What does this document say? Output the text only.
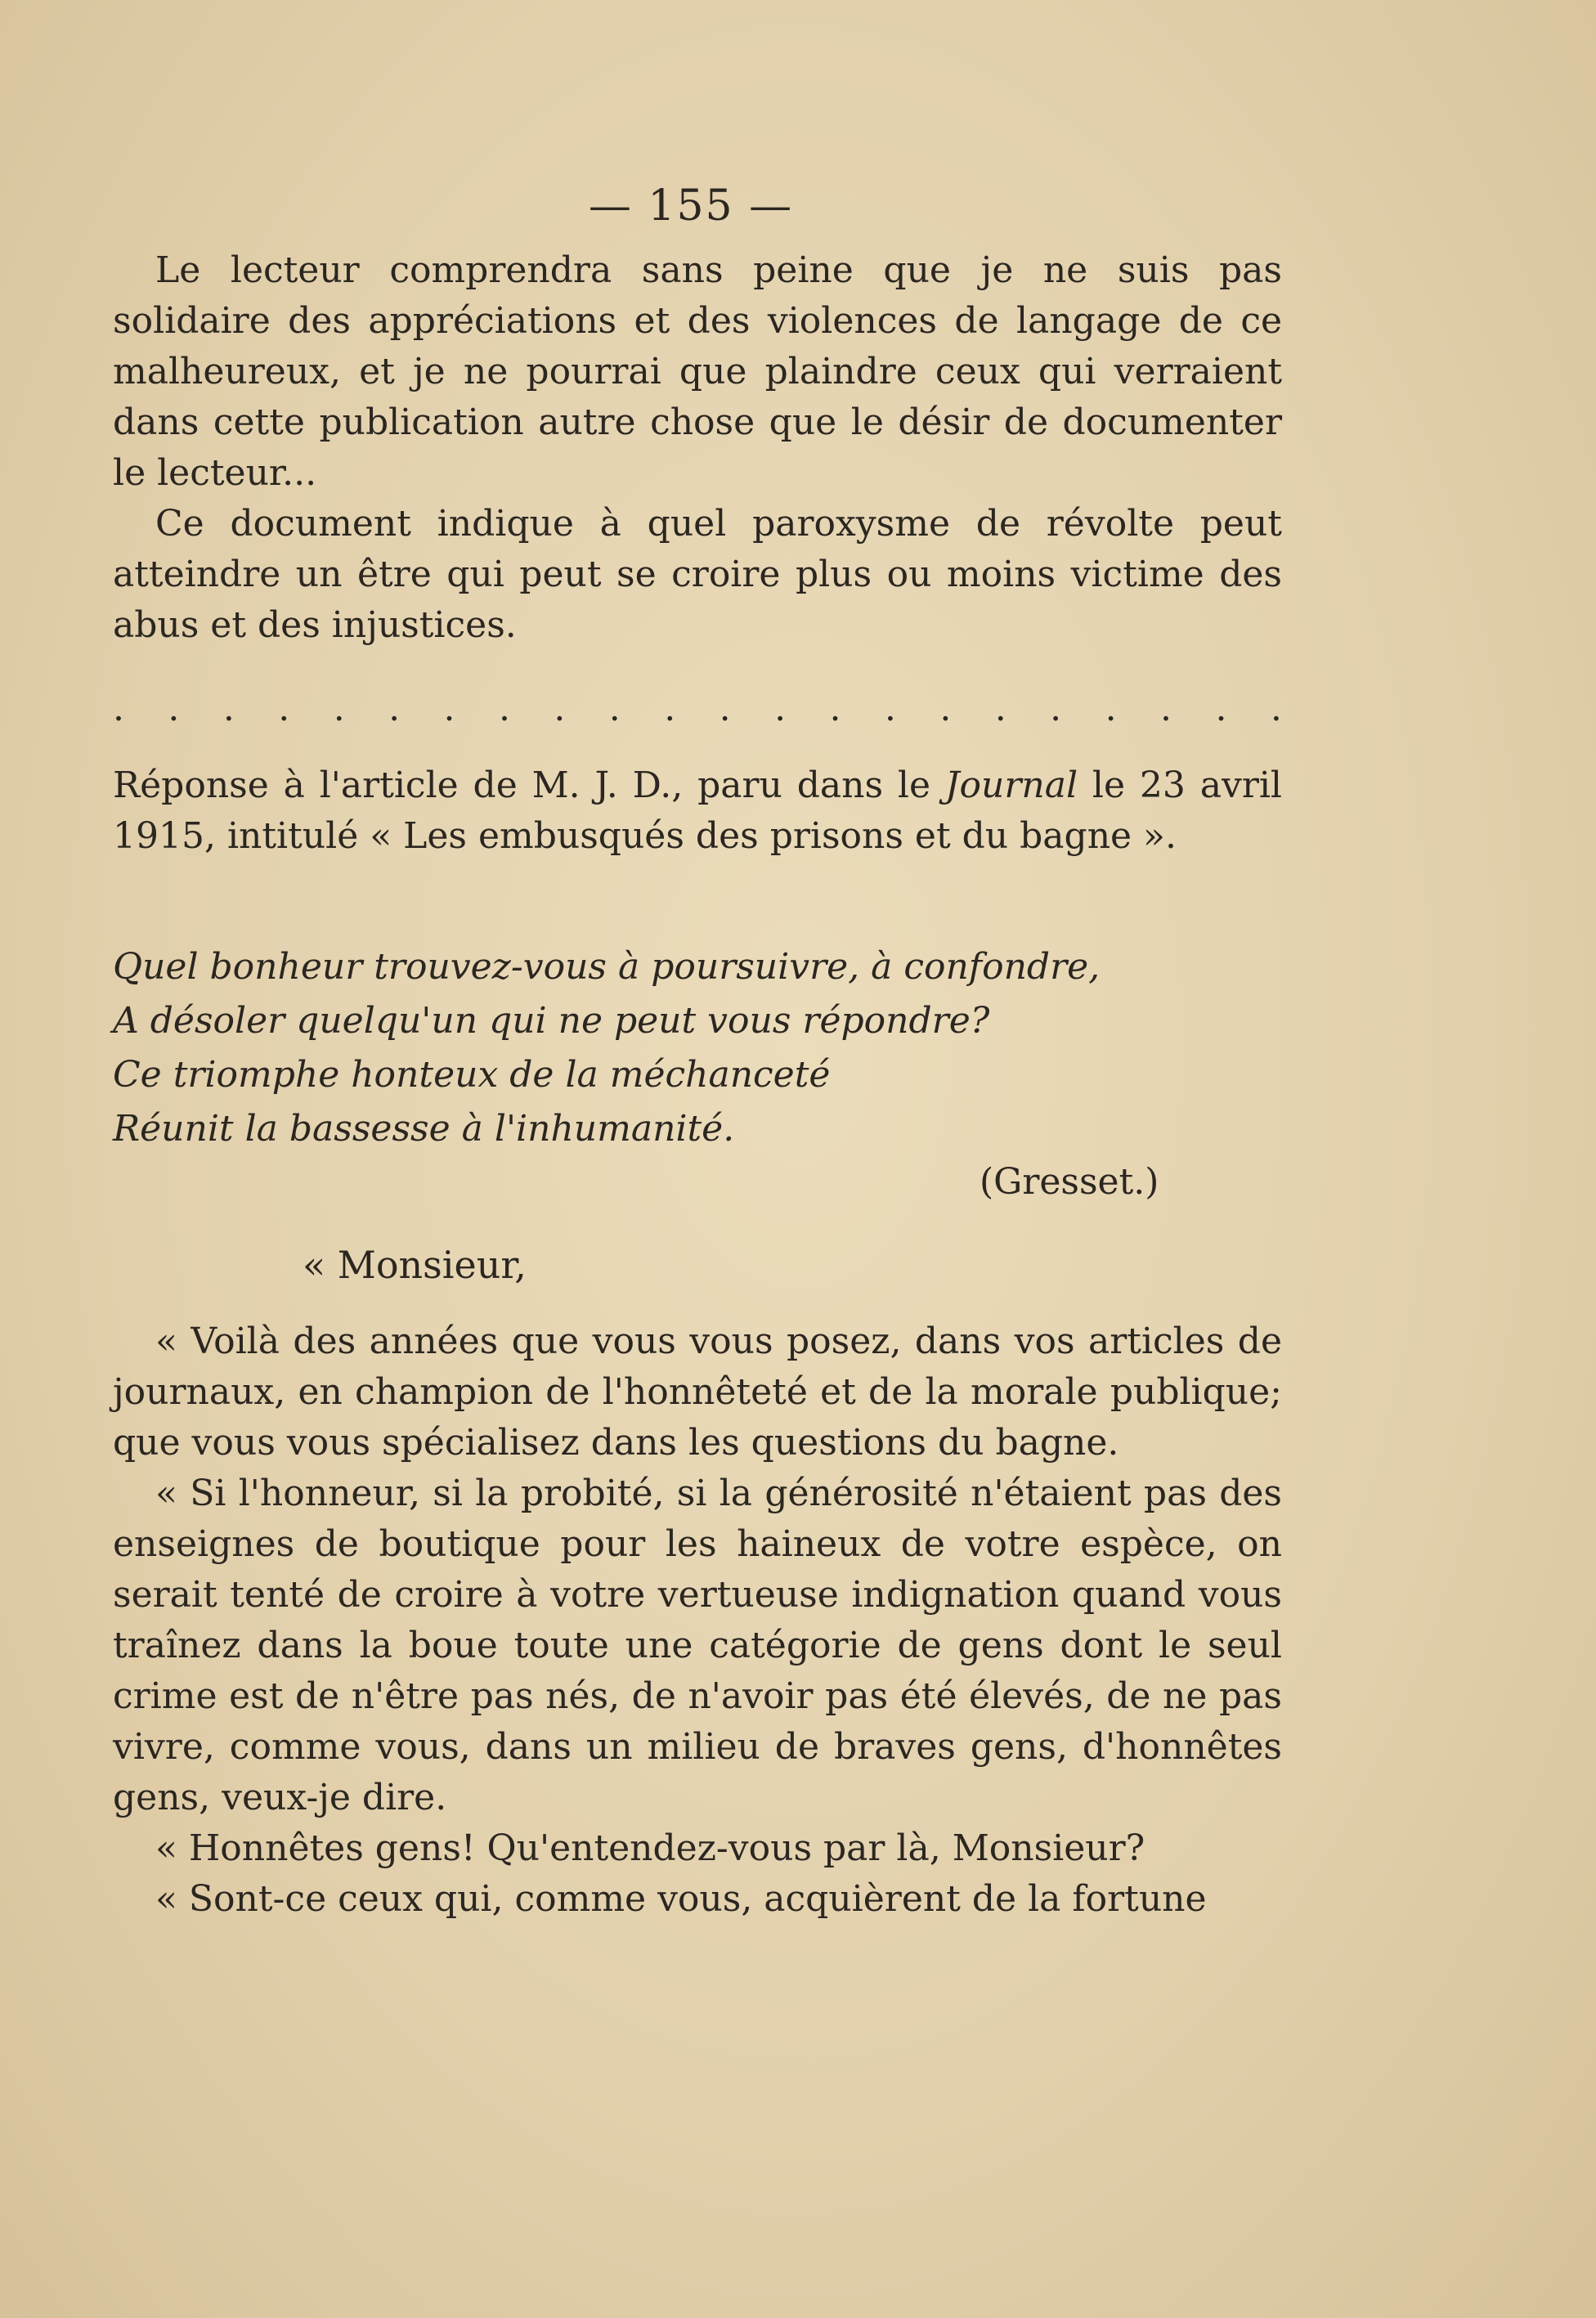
— 155 —

Le lecteur comprendra sans peine que je ne suis pas solidaire des appréciations et des violences de langage de ce malheureux, et je ne pourrai que plaindre ceux qui verraient dans cette publication autre chose que le désir de documenter le lecteur...

Ce document indique à quel paroxysme de révolte peut atteindre un être qui peut se croire plus ou moins victime des abus et des injustices.

. . . . . . . . . . . . . . . . . . . . . .
Réponse à l'article de M. J. D., paru dans le Journal le 23 avril 1915, intitulé « Les embusqués des prisons et du bagne ».
Quel bonheur trouvez-vous à poursuivre, à confondre,
A désoler quelqu'un qui ne peut vous répondre?
Ce triomphe honteux de la méchanceté
Réunit la bassesse à l'inhumanité.
(Gresset.)
« Monsieur,

« Voilà des années que vous vous posez, dans vos articles de journaux, en champion de l'honnêteté et de la morale publique; que vous vous spécialisez dans les questions du bagne.

« Si l'honneur, si la probité, si la générosité n'étaient pas des enseignes de boutique pour les haineux de votre espèce, on serait tenté de croire à votre vertueuse indignation quand vous traînez dans la boue toute une catégorie de gens dont le seul crime est de n'être pas nés, de n'avoir pas été élevés, de ne pas vivre, comme vous, dans un milieu de braves gens, d'honnêtes gens, veux-je dire.

« Honnêtes gens! Qu'entendez-vous par là, Monsieur?

« Sont-ce ceux qui, comme vous, acquièrent de la fortune
